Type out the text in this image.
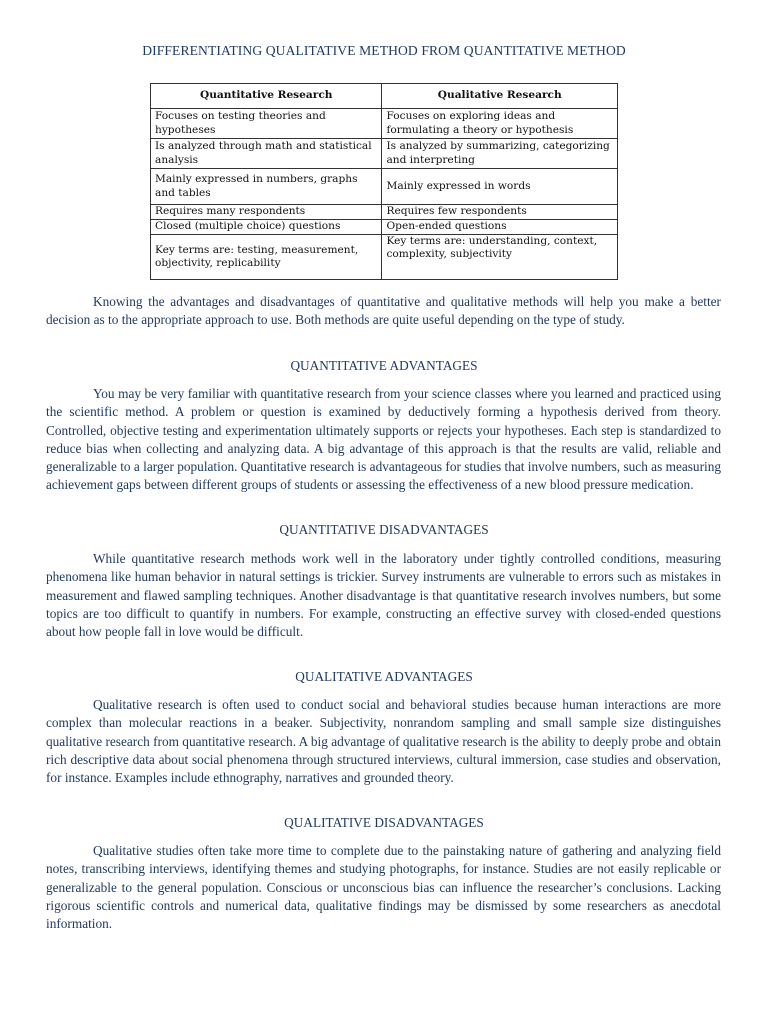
DIFFERENTIATING QUALITATIVE METHOD FROM QUANTITATIVE METHOD
Quantitative Research	Qualitative Research
Focuses on testing theories and hypotheses	Focuses on exploring ideas and formulating a theory or hypothesis
Is analyzed through math and statistical analysis	Is analyzed by summarizing, categorizing and interpreting
Mainly expressed in numbers, graphs and tables	Mainly expressed in words
Requires many respondents	Requires few respondents
Closed (multiple choice) questions	Open-ended questions
Key terms are: testing, measurement, objectivity, replicability	Key terms are: understanding, context, complexity, subjectivity

Knowing the advantages and disadvantages of quantitative and qualitative methods will help you make a better decision as to the appropriate approach to use. Both methods are quite useful depending on the type of study.

QUANTITATIVE ADVANTAGES

You may be very familiar with quantitative research from your science classes where you learned and practiced using the scientific method. A problem or question is examined by deductively forming a hypothesis derived from theory. Controlled, objective testing and experimentation ultimately supports or rejects your hypotheses. Each step is standardized to reduce bias when collecting and analyzing data. A big advantage of this approach is that the results are valid, reliable and generalizable to a larger population. Quantitative research is advantageous for studies that involve numbers, such as measuring achievement gaps between different groups of students or assessing the effectiveness of a new blood pressure medication.

QUANTITATIVE DISADVANTAGES

While quantitative research methods work well in the laboratory under tightly controlled conditions, measuring phenomena like human behavior in natural settings is trickier. Survey instruments are vulnerable to errors such as mistakes in measurement and flawed sampling techniques. Another disadvantage is that quantitative research involves numbers, but some topics are too difficult to quantify in numbers. For example, constructing an effective survey with closed-ended questions about how people fall in love would be difficult.

QUALITATIVE ADVANTAGES

Qualitative research is often used to conduct social and behavioral studies because human interactions are more complex than molecular reactions in a beaker. Subjectivity, nonrandom sampling and small sample size distinguishes qualitative research from quantitative research. A big advantage of qualitative research is the ability to deeply probe and obtain rich descriptive data about social phenomena through structured interviews, cultural immersion, case studies and observation, for instance. Examples include ethnography, narratives and grounded theory.

QUALITATIVE DISADVANTAGES

Qualitative studies often take more time to complete due to the painstaking nature of gathering and analyzing field notes, transcribing interviews, identifying themes and studying photographs, for instance. Studies are not easily replicable or generalizable to the general population. Conscious or unconscious bias can influence the researcher’s conclusions. Lacking rigorous scientific controls and numerical data, qualitative findings may be dismissed by some researchers as anecdotal information.
